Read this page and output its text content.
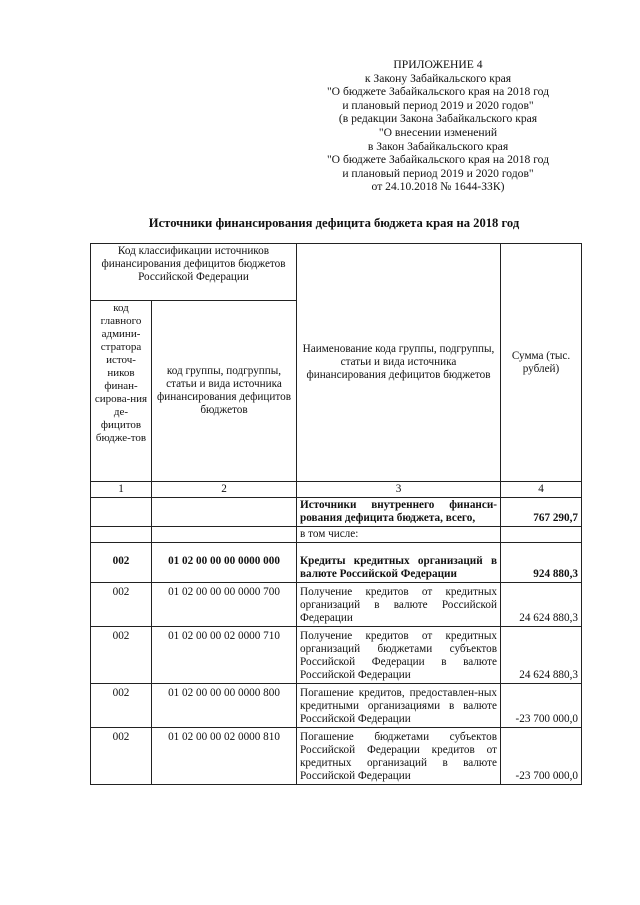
ПРИЛОЖЕНИЕ 4
к Закону Забайкальского края
"О бюджете Забайкальского края на 2018 год
и плановый период 2019 и 2020 годов"
(в редакции Закона Забайкальского края
"О внесении изменений
в Закон Забайкальского края
"О бюджете Забайкальского края на 2018 год
и плановый период 2019 и 2020 годов"
от 24.10.2018 № 1644-ЗЗК)
Источники финансирования дефицита бюджета края на 2018 год
Код классификации источников финансирования дефицитов бюджетов Российской Федерации		Наименование кода группы, подгруппы, статьи и вида источника финансирования дефицитов бюджетов	Сумма (тыс. рублей)
код главного админи-стратора источ-ников финан-сирова-ния де-фицитов бюдже-тов	код группы, подгруппы, статьи и вида источника финансирования дефицитов бюджетов		
1	2	3	4
		Источники внутреннего финанси-рования дефицита бюджета, всего,	767 290,7
		в том числе:	
002	01 02 00 00 00 0000 000	Кредиты кредитных организаций в валюте Российской Федерации	924 880,3
002	01 02 00 00 00 0000 700	Получение кредитов от кредитных организаций в валюте Российской Федерации	24 624 880,3
002	01 02 00 00 02 0000 710	Получение кредитов от кредитных организаций бюджетами субъектов Российской Федерации в валюте Российской Федерации	24 624 880,3
002	01 02 00 00 00 0000 800	Погашение кредитов, предоставлен-ных кредитными организациями в валюте Российской Федерации	-23 700 000,0
002	01 02 00 00 02 0000 810	Погашение бюджетами субъектов Российской Федерации кредитов от кредитных организаций в валюте Российской Федерации	-23 700 000,0
